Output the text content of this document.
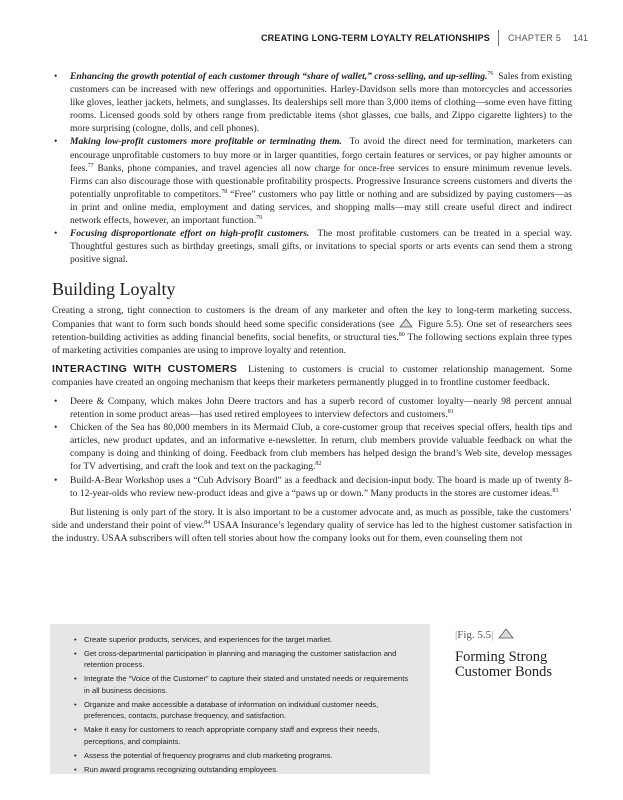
CREATING LONG-TERM LOYALTY RELATIONSHIPS CHAPTER 5 141
• Enhancing the growth potential of each customer through “share of wallet,” cross-selling, and up-selling.$^{76}$ Sales from existing customers can be increased with new offerings and opportunities. Harley-Davidson sells more than motorcycles and accessories like gloves, leather jackets, helmets, and sunglasses. Its dealerships sell more than 3,000 items of clothing—some even have fitting rooms. Licensed goods sold by others range from predictable items (shot glasses, cue balls, and Zippo cigarette lighters) to the more surprising (cologne, dolls, and cell phones).
• Making low-profit customers more profitable or terminating them. To avoid the direct need for termination, marketers can encourage unprofitable customers to buy more or in larger quantities, forgo certain features or services, or pay higher amounts or fees.$^{77}$ Banks, phone companies, and travel agencies all now charge for once-free services to ensure minimum revenue levels. Firms can also discourage those with questionable profitability prospects. Progressive Insurance screens customers and diverts the potentially unprofitable to competitors.$^{78}$ “Free” customers who pay little or nothing and are subsidized by paying customers—as in print and online media, employment and dating services, and shopping malls—may still create useful direct and indirect network effects, however, an important function.$^{79}$
• Focusing disproportionate effort on high-profit customers. The most profitable customers can be treated in a special way. Thoughtful gestures such as birthday greetings, small gifts, or invitations to special sports or arts events can send them a strong positive signal.
Building Loyalty

Creating a strong, tight connection to customers is the dream of any marketer and often the key to long-term marketing success. Companies that want to form such bonds should heed some specific considerations (see	Figure 5.5). One set of researchers sees retention-building activities as adding financial benefits, social benefits, or structural ties.$^{80}$ The following sections explain three types of marketing activities companies are using to improve loyalty and retention.

INTERACTING WITH CUSTOMERS Listening to customers is crucial to customer relationship management. Some companies have created an ongoing mechanism that keeps their marketers permanently plugged in to frontline customer feedback.

• Deere & Company, which makes John Deere tractors and has a superb record of customer loyalty—nearly 98 percent annual retention in some product areas—has used retired employees to interview defectors and customers.$^{81}$
• Chicken of the Sea has 80,000 members in its Mermaid Club, a core-customer group that receives special offers, health tips and articles, new product updates, and an informative e-newsletter. In return, club members provide valuable feedback on what the company is doing and thinking of doing. Feedback from club members has helped design the brand’s Web site, develop messages for TV advertising, and craft the look and text on the packaging.$^{82}$
• Build-A-Bear Workshop uses a “Cub Advisory Board” as a feedback and decision-input body. The board is made up of twenty 8- to 12-year-olds who review new-product ideas and give a “paws up or down.” Many products in the stores are customer ideas.$^{83}$

But listening is only part of the story. It is also important to be a customer advocate and, as much as possible, take the customers’ side and understand their point of view.$^{84}$ USAA Insurance’s legendary quality of service has led to the highest customer satisfaction in the industry. USAA subscribers will often tell stories about how the company looks out for them, even counseling them not

• Create superior products, services, and experiences for the target market.
• Get cross-departmental participation in planning and managing the customer satisfaction and retention process.
• Integrate the “Voice of the Customer” to capture their stated and unstated needs or requirements in all business decisions.
• Organize and make accessible a database of information on individual customer needs, preferences, contacts, purchase frequency, and satisfaction.
• Make it easy for customers to reach appropriate company staff and express their needs, perceptions, and complaints.
• Assess the potential of frequency programs and club marketing programs.
• Run award programs recognizing outstanding employees.
|Fig. 5.5|
Forming Strong Customer Bonds
